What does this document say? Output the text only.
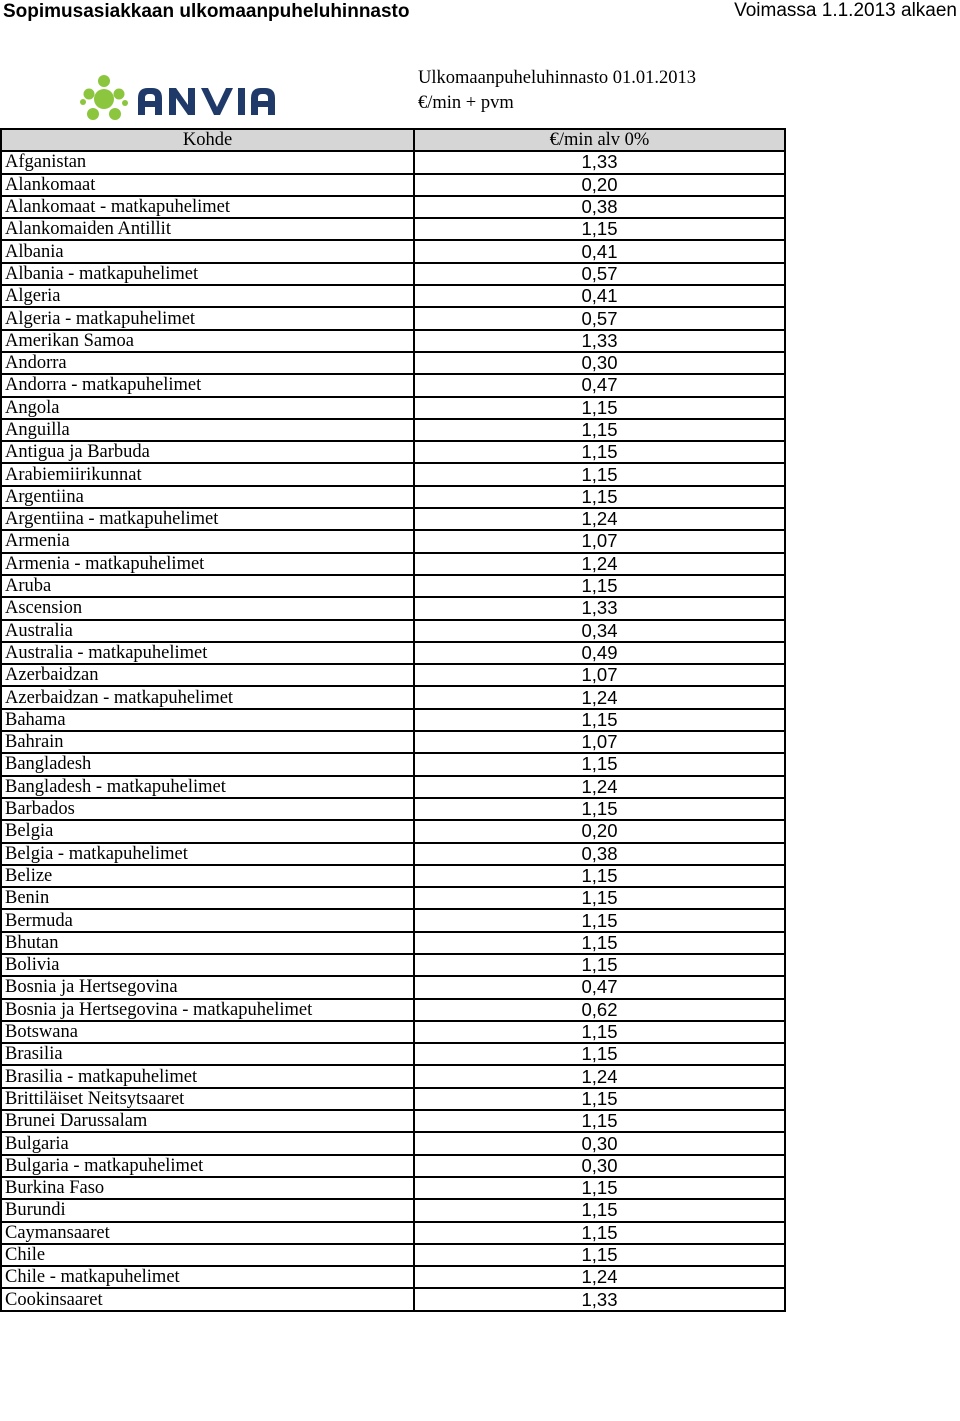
Sopimusasiakkaan ulkomaanpuheluhinnasto	Voimassa 1.1.2013 alkaen
Ulkomaanpuheluhinnasto 01.01.2013
€/min + pvm
Kohde	€/min alv 0%
Afganistan	1,33
Alankomaat	0,20
Alankomaat - matkapuhelimet	0,38
Alankomaiden Antillit	1,15
Albania	0,41
Albania - matkapuhelimet	0,57
Algeria	0,41
Algeria - matkapuhelimet	0,57
Amerikan Samoa	1,33
Andorra	0,30
Andorra - matkapuhelimet	0,47
Angola	1,15
Anguilla	1,15
Antigua ja Barbuda	1,15
Arabiemiirikunnat	1,15
Argentiina	1,15
Argentiina - matkapuhelimet	1,24
Armenia	1,07
Armenia - matkapuhelimet	1,24
Aruba	1,15
Ascension	1,33
Australia	0,34
Australia - matkapuhelimet	0,49
Azerbaidzan	1,07
Azerbaidzan - matkapuhelimet	1,24
Bahama	1,15
Bahrain	1,07
Bangladesh	1,15
Bangladesh - matkapuhelimet	1,24
Barbados	1,15
Belgia	0,20
Belgia - matkapuhelimet	0,38
Belize	1,15
Benin	1,15
Bermuda	1,15
Bhutan	1,15
Bolivia	1,15
Bosnia ja Hertsegovina	0,47
Bosnia ja Hertsegovina - matkapuhelimet	0,62
Botswana	1,15
Brasilia	1,15
Brasilia - matkapuhelimet	1,24
Brittiläiset Neitsytsaaret	1,15
Brunei Darussalam	1,15
Bulgaria	0,30
Bulgaria - matkapuhelimet	0,30
Burkina Faso	1,15
Burundi	1,15
Caymansaaret	1,15
Chile	1,15
Chile - matkapuhelimet	1,24
Cookinsaaret	1,33
